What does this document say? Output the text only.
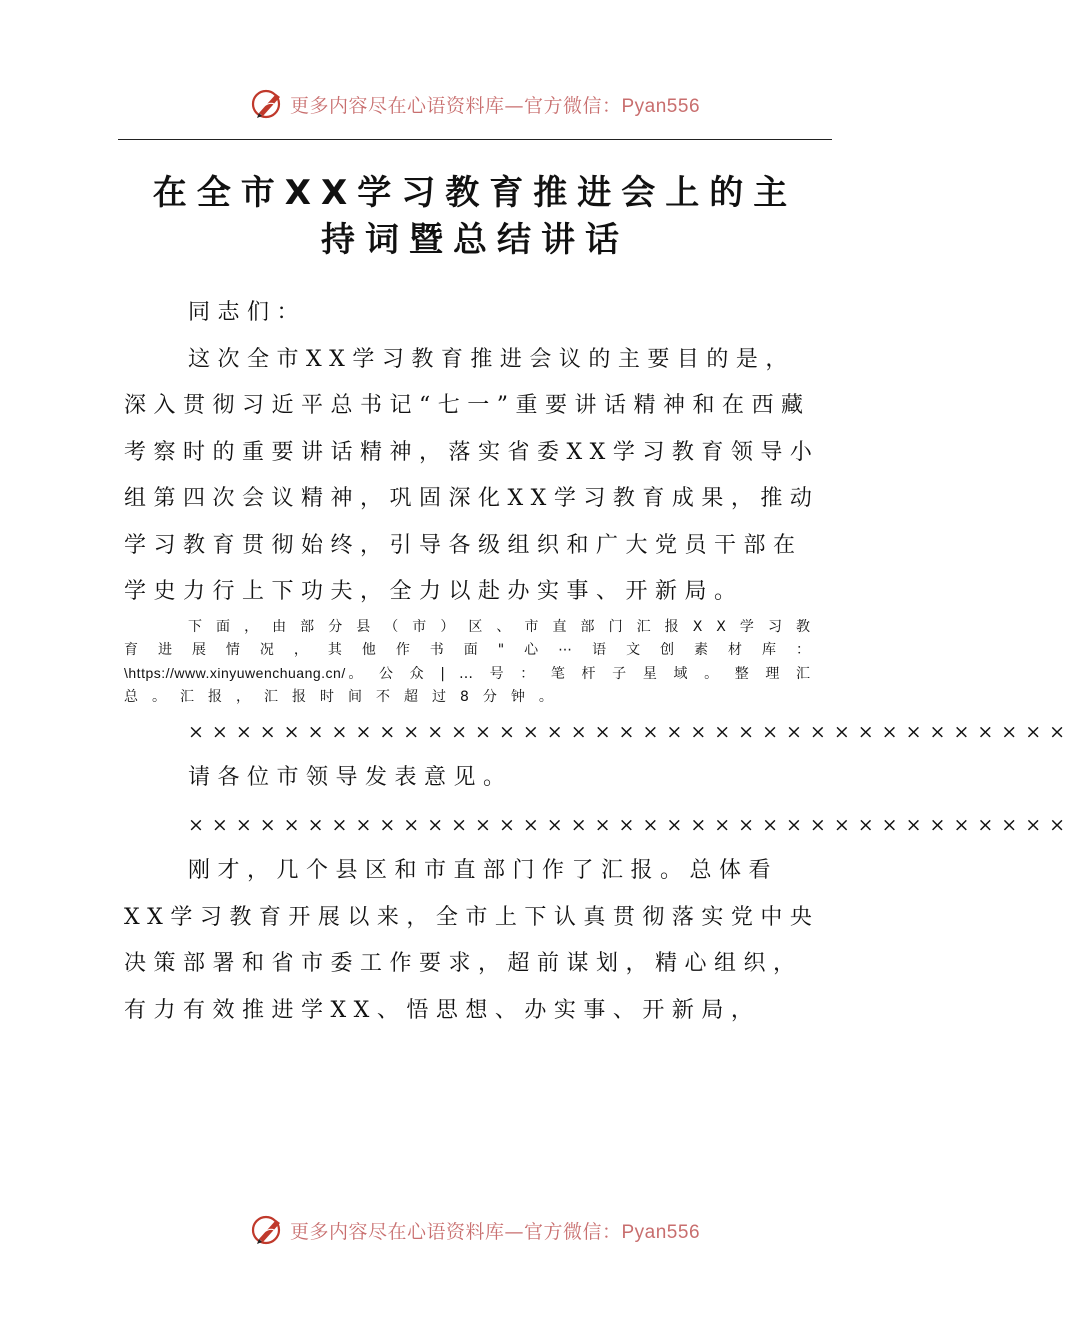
更多内容尽在心语资料库—官方微信：Pyan556
在全市XX学习教育推进会上的主
持词暨总结讲话

同志们：

这次全市XX学习教育推进会议的主要目的是，深入贯彻习近平总书记“七一”重要讲话精神和在西藏考察时的重要讲话精神，落实省委XX学习教育领导小组第四次会议精神，巩固深化XX学习教育成果，推动学习教育贯彻始终，引导各级组织和广大党员干部在学史力行上下功夫，全力以赴办实事、开新局。

下面，由部分县（市）区、市直部门汇报XX学习教育进展情况，其他作书面"心⋯语文创素材库：\https://www.xinyuwenchuang.cn/。公众|…号：笔杆子星域。整理汇总。汇报，汇报时间不超过8分钟。

×××××××××××××××××××××××××××××××××××××

请各位市领导发表意见。

×××××××××××××××××××××××××××××××××××××

刚才，几个县区和市直部门作了汇报。总体看XX学习教育开展以来，全市上下认真贯彻落实党中央决策部署和省市委工作要求，超前谋划，精心组织，有力有效推进学XX、悟思想、办实事、开新局，

更多内容尽在心语资料库—官方微信：Pyan556
